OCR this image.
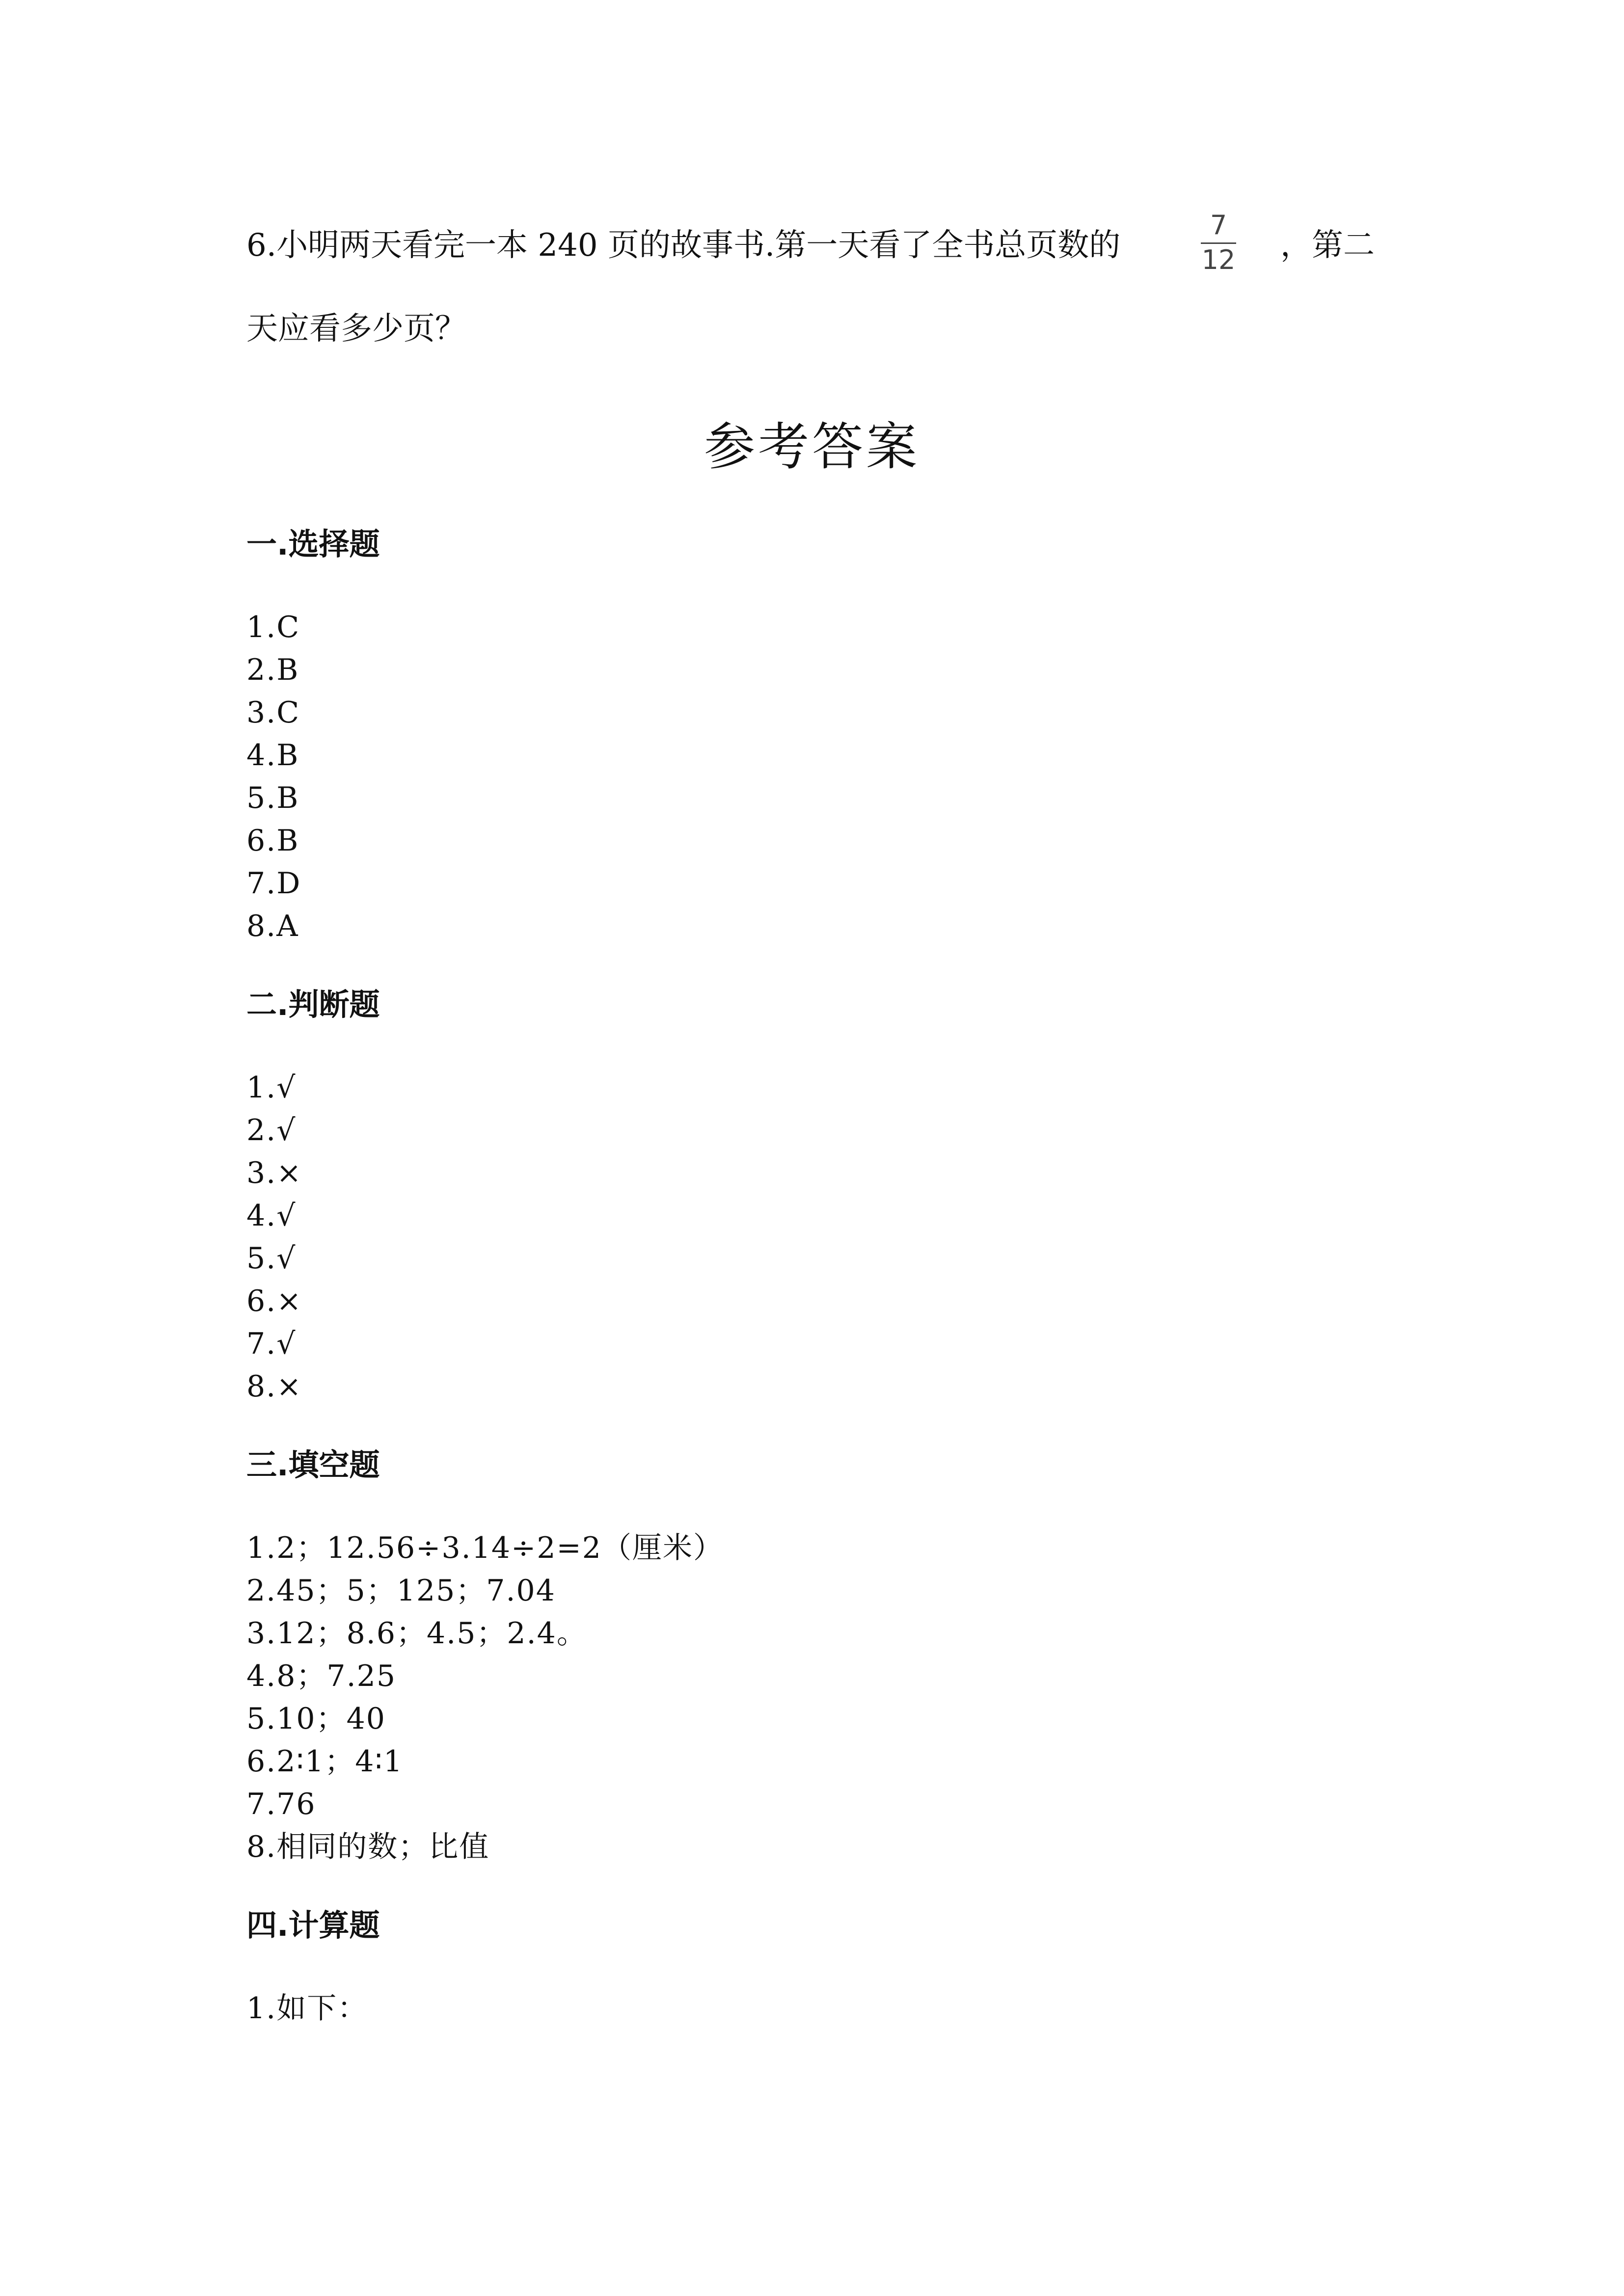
6.小明两天看完一本 240 页的故事书.第一天看了全书总页数的
7
12 ，第二
天应看多少页？
参考答案
一.选择题
1.C
2.B
3.C
4.B
5.B
6.B
7.D
8.A
二.判断题
1.√
2.√
3.×
4.√
5.√
6.×
7.√
8.×
三.填空题
1.2；12.56÷3.14÷2=2（厘米）
2.45；5；125；7.04
3.12；8.6；4.5；2.4。
4.8；7.25
5.10；40
6.2∶1；4∶1
7.76
8.相同的数；比值
四.计算题
1.如下：
